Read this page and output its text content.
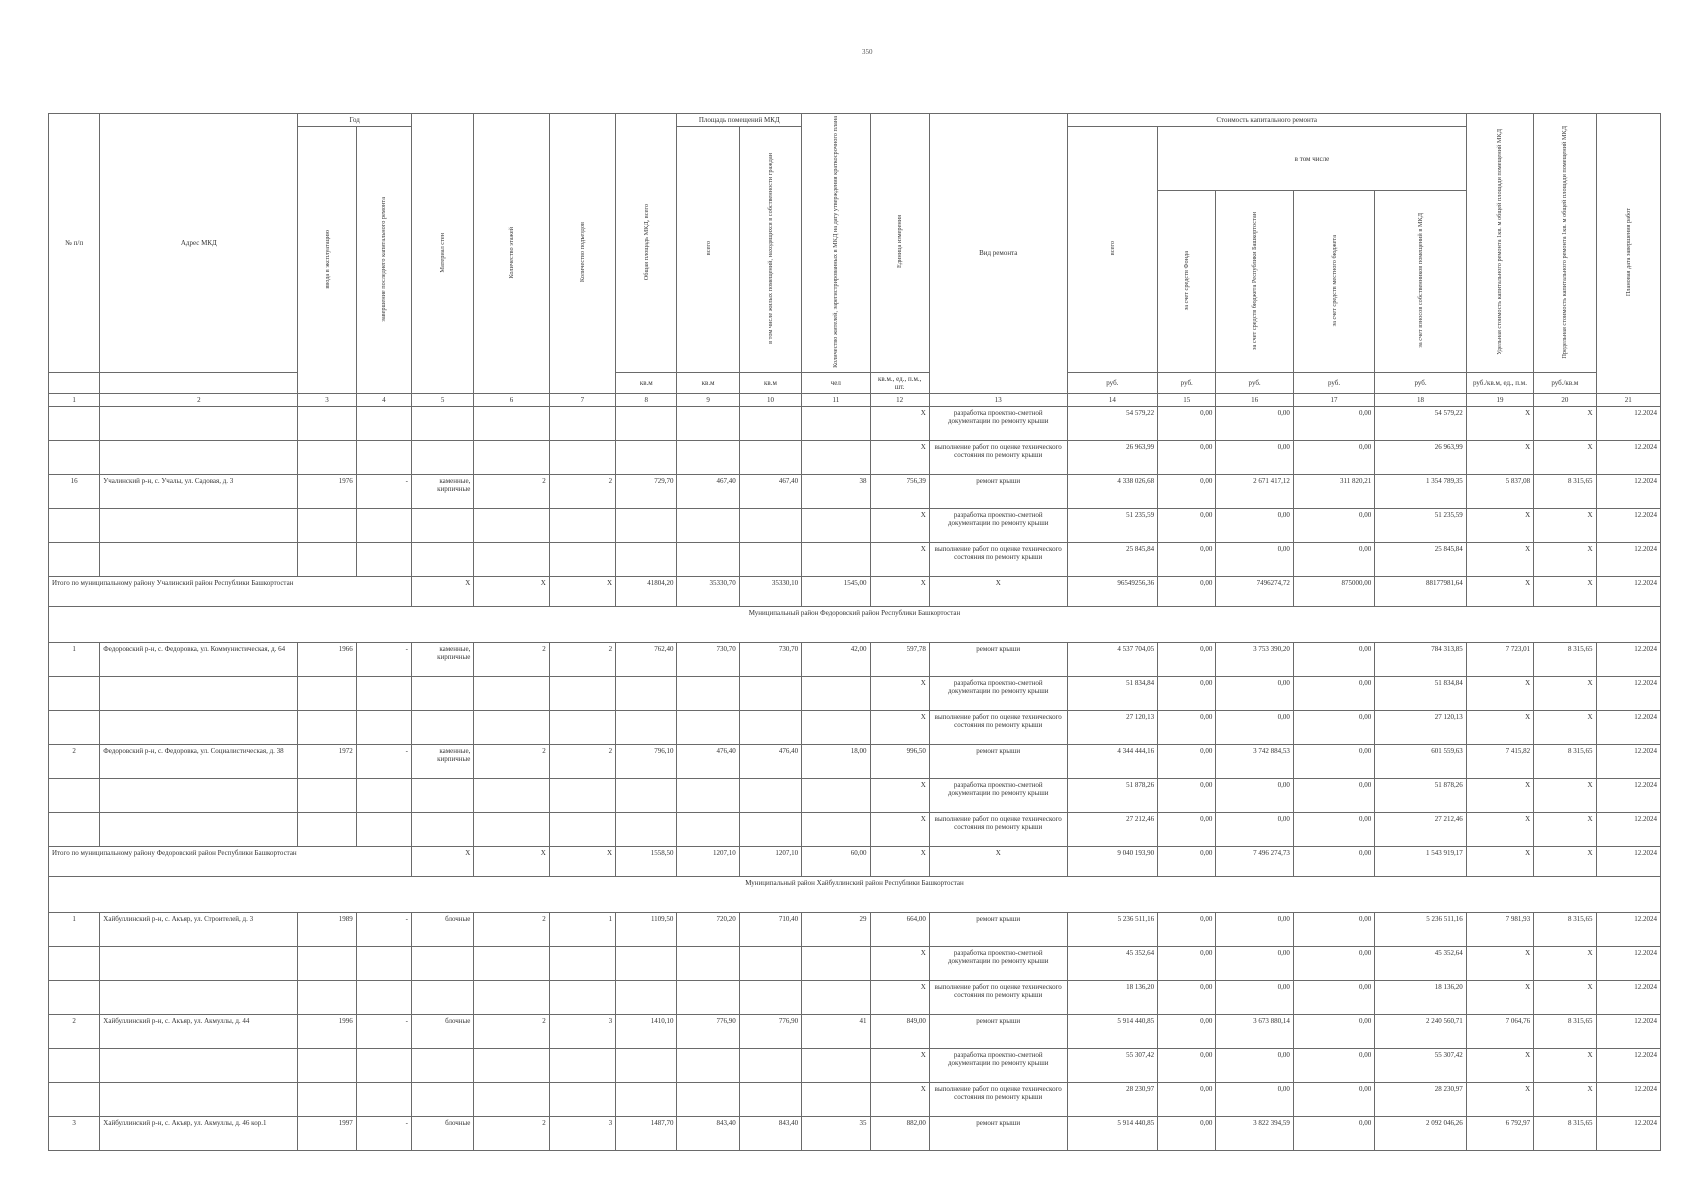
350
№ п/п	Адрес МКД	Год		Материал стен	Количество этажей	Количество подъездов	Общая площадь МКД, всего	Площадь помещений МКД		Количество жителей, зарегистрированных в МКД на дату утверждения краткосрочного плана	Единица измерения	Вид ремонта	Стоимость капитального ремонта					Удельная стоимость капитального ремонта 1кв. м общей площади помещений МКД	Предельная стоимость капитального ремонта 1кв. м общей площади помещений МКД	Плановая дата завершения работ
		ввода в эксплуатацию	завершение последнего капитального ремонта					всего	в том числе жилых помещений, находящихся в собственности граждан				всего	в том числе						
														за счет средств Фонда	за счет средств бюджета Республики Башкортостан	за счет средств местного бюджета	за счет взносов собственников помещений в МКД			
							кв.м	кв.м	кв.м	чел	кв.м., ед., п.м., шт.		руб.	руб.	руб.	руб.	руб.	руб./кв.м, ед., п.м.	руб./кв.м	
1	2	3	4	5	6	7	8	9	10	11	12	13	14	15	16	17	18	19	20	21
											X	разработка проектно-сметной документации по ремонту крыши	54 579,22	0,00	0,00	0,00	54 579,22	X	X	12.2024
											X	выполнение работ по оценке технического состояния по ремонту крыши	26 963,99	0,00	0,00	0,00	26 963,99	X	X	12.2024
16	Учалинский р-н, с. Учалы, ул. Садовая, д. 3	1976	-	каменные, кирпичные	2	2	729,70	467,40	467,40	38	756,39	ремонт крыши	4 338 026,68	0,00	2 671 417,12	311 820,21	1 354 789,35	5 837,08	8 315,65	12.2024
											X	разработка проектно-сметной документации по ремонту крыши	51 235,59	0,00	0,00	0,00	51 235,59	X	X	12.2024
											X	выполнение работ по оценке технического состояния по ремонту крыши	25 845,84	0,00	0,00	0,00	25 845,84	X	X	12.2024
Итого по муниципальному району Учалинский район Республики Башкортостан				X	X	X	41804,20	35330,70	35330,10	1545,00	X	X	96549256,36	0,00	7496274,72	875000,00	88177981,64	X	X	12.2024
Муниципальный район Федоровский район Республики Башкортостан																				
1	Федоровский р-н, с. Федоровка, ул. Коммунистическая, д. 64	1966	-	каменные, кирпичные	2	2	762,40	730,70	730,70	42,00	597,78	ремонт крыши	4 537 704,05	0,00	3 753 390,20	0,00	784 313,85	7 723,01	8 315,65	12.2024
											X	разработка проектно-сметной документации по ремонту крыши	51 834,84	0,00	0,00	0,00	51 834,84	X	X	12.2024
											X	выполнение работ по оценке технического состояния по ремонту крыши	27 120,13	0,00	0,00	0,00	27 120,13	X	X	12.2024
2	Федоровский р-н, с. Федоровка, ул. Социалистическая, д. 38	1972	-	каменные, кирпичные	2	2	796,10	476,40	476,40	18,00	996,50	ремонт крыши	4 344 444,16	0,00	3 742 884,53	0,00	601 559,63	7 415,82	8 315,65	12.2024
											X	разработка проектно-сметной документации по ремонту крыши	51 878,26	0,00	0,00	0,00	51 878,26	X	X	12.2024
											X	выполнение работ по оценке технического состояния по ремонту крыши	27 212,46	0,00	0,00	0,00	27 212,46	X	X	12.2024
Итого по муниципальному району Федоровский район Республики Башкортостан				X	X	X	1558,50	1207,10	1207,10	60,00	X	X	9 040 193,90	0,00	7 496 274,73	0,00	1 543 919,17	X	X	12.2024
Муниципальный район Хайбуллинский район Республики Башкортостан																				
1	Хайбуллинский р-н, с. Акъяр, ул. Строителей, д. 3	1989	-	блочные	2	1	1109,50	720,20	710,40	29	664,00	ремонт крыши	5 236 511,16	0,00	0,00	0,00	5 236 511,16	7 981,93	8 315,65	12.2024
											X	разработка проектно-сметной документации по ремонту крыши	45 352,64	0,00	0,00	0,00	45 352,64	X	X	12.2024
											X	выполнение работ по оценке технического состояния по ремонту крыши	18 136,20	0,00	0,00	0,00	18 136,20	X	X	12.2024
2	Хайбуллинский р-н, с. Акъяр, ул. Акмуллы, д. 44	1996	-	блочные	2	3	1410,10	776,90	776,90	41	849,00	ремонт крыши	5 914 440,85	0,00	3 673 880,14	0,00	2 240 560,71	7 064,76	8 315,65	12.2024
											X	разработка проектно-сметной документации по ремонту крыши	55 307,42	0,00	0,00	0,00	55 307,42	X	X	12.2024
											X	выполнение работ по оценке технического состояния по ремонту крыши	28 230,97	0,00	0,00	0,00	28 230,97	X	X	12.2024
3	Хайбуллинский р-н, с. Акъяр, ул. Акмуллы, д. 46 кор.1	1997	-	блочные	2	3	1487,70	843,40	843,40	35	882,00	ремонт крыши	5 914 440,85	0,00	3 822 394,59	0,00	2 092 046,26	6 792,97	8 315,65	12.2024
